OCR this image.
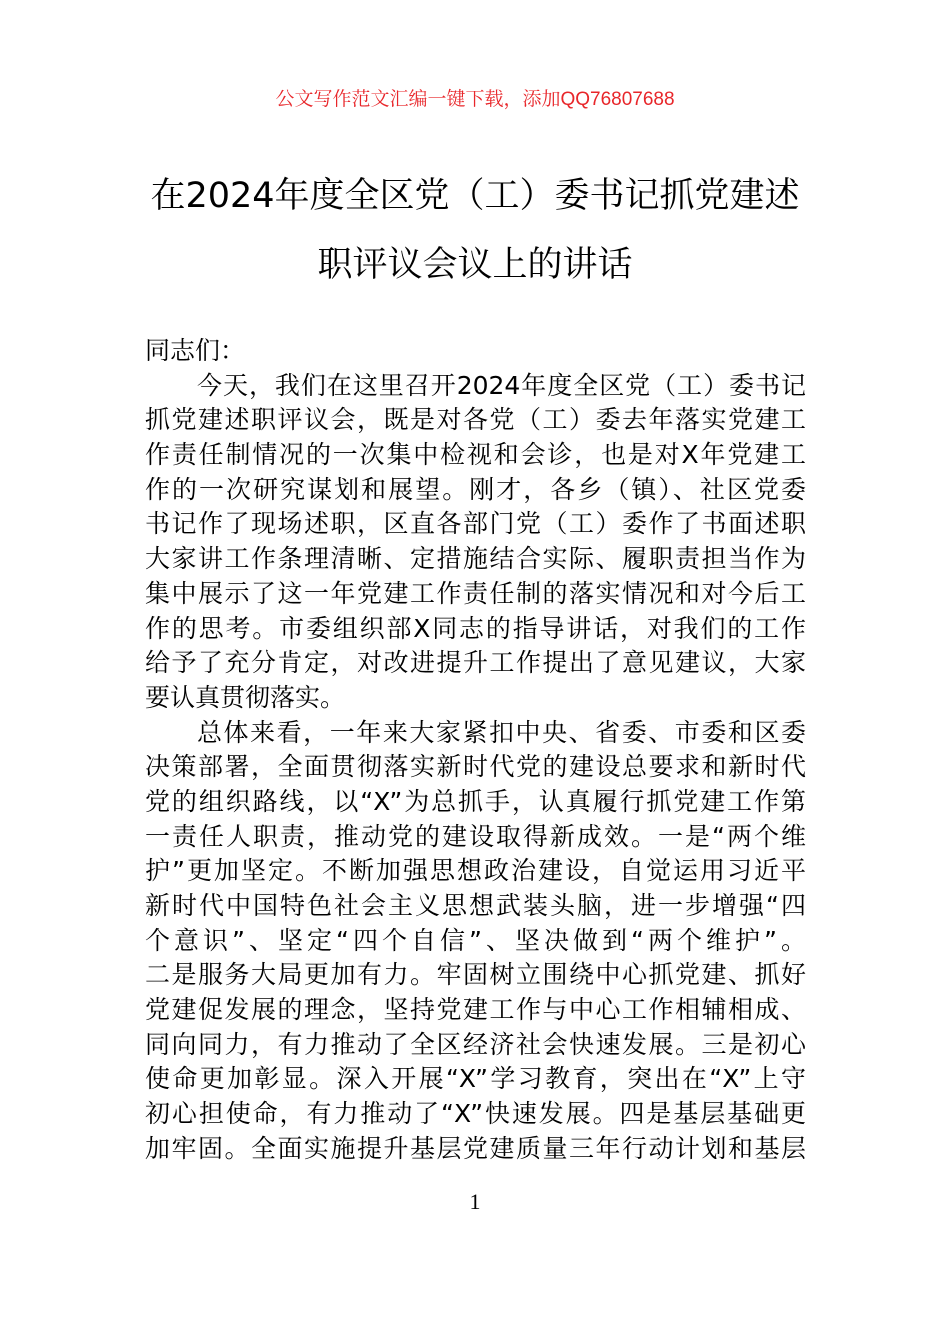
公文写作范文汇编一键下载，添加QQ76807688
在2024年度全区党（工）委书记抓党建述
职评议会议上的讲话
同志们：
今天，我们在这里召开2024年度全区党（工）委书记
抓党建述职评议会，既是对各党（工）委去年落实党建工
作责任制情况的一次集中检视和会诊，也是对X年党建工
作的一次研究谋划和展望。刚才，各乡（镇）、社区党委
书记作了现场述职，区直各部门党（工）委作了书面述职
大家讲工作条理清晰、定措施结合实际、履职责担当作为
集中展示了这一年党建工作责任制的落实情况和对今后工
作的思考。市委组织部X同志的指导讲话，对我们的工作
给予了充分肯定，对改进提升工作提出了意见建议，大家
要认真贯彻落实。
总体来看，一年来大家紧扣中央、省委、市委和区委
决策部署，全面贯彻落实新时代党的建设总要求和新时代
党的组织路线，以“X”为总抓手，认真履行抓党建工作第
一责任人职责，推动党的建设取得新成效。一是“两个维
护”更加坚定。不断加强思想政治建设，自觉运用习近平
新时代中国特色社会主义思想武装头脑，进一步增强“四
个意识”、坚定“四个自信”、坚决做到“两个维护”。
二是服务大局更加有力。牢固树立围绕中心抓党建、抓好
党建促发展的理念，坚持党建工作与中心工作相辅相成、
同向同力，有力推动了全区经济社会快速发展。三是初心
使命更加彰显。深入开展“X”学习教育，突出在“X”上守
初心担使命，有力推动了“X”快速发展。四是基层基础更
加牢固。全面实施提升基层党建质量三年行动计划和基层
1
